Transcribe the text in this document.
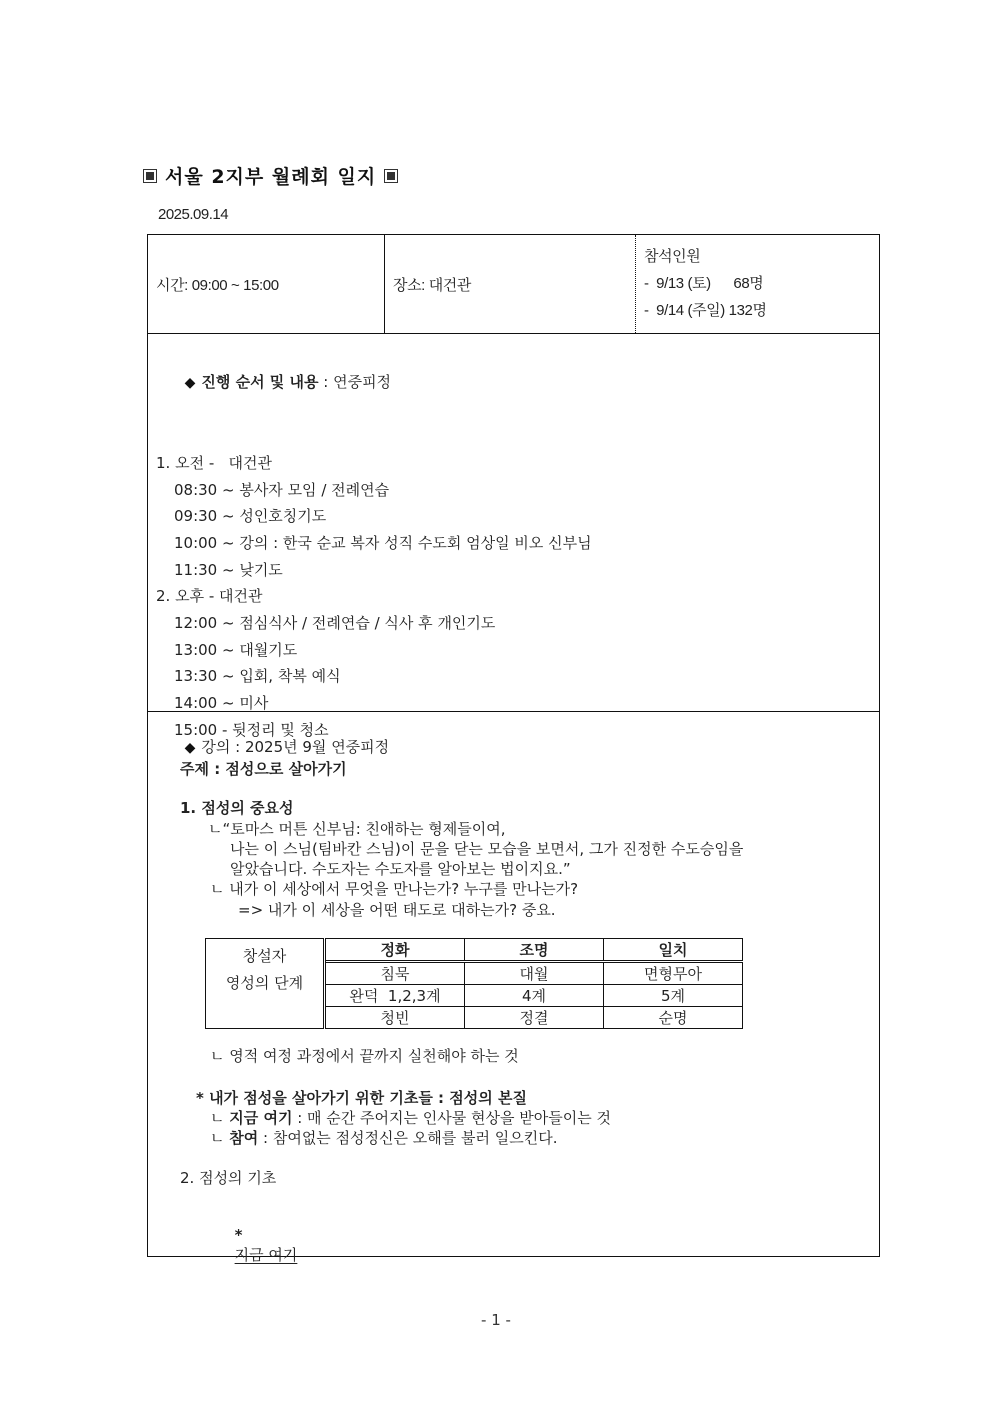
서울 2지부 월례회 일지
2025.09.14
시간: 09:00 ~ 15:00	장소: 대건관
참석인원
-  9/13 (토)      68명
-  9/14 (주일) 132명

◆ 진행 순서 및 내용 : 연중피정

1. 오전 -   대건관
08:30 ~ 봉사자 모임 / 전례연습
09:30 ~ 성인호칭기도
10:00 ~ 강의 : 한국 순교 복자 성직 수도회 엄상일 비오 신부님
11:30 ~ 낮기도
2. 오후 - 대건관
12:00 ~ 점심식사 / 전례연습 / 식사 후 개인기도
13:00 ~ 대월기도
13:30 ~ 입회, 착복 예식
14:00 ~ 미사
15:00 - 뒷정리 및 청소

◆ 강의 : 2025년 9월 연중피정

주제 : 점성으로 살아가기
1. 점성의 중요성
ㄴ“토마스 머튼 신부님: 친애하는 형제들이여,
나는 이 스님(팀바칸 스님)이 문을 닫는 모습을 보면서, 그가 진정한 수도승임을
알았습니다. 수도자는 수도자를 알아보는 법이지요.”
ㄴ 내가 이 세상에서 무엇을 만나는가? 누구를 만나는가?
=> 내가 이 세상을 어떤 태도로 대하는가? 중요.
창설자
영성의 단계	정화	조명	일치
	침묵	대월	면형무아
	완덕  1,2,3계	4계	5계
	청빈	정결	순명
ㄴ 영적 여정 과정에서 끝까지 실천해야 하는 것
* 내가 점성을 살아가기 위한 기초들 : 점성의 본질
ㄴ 지금 여기 : 매 순간 주어지는 인사물 현상을 받아들이는 것
ㄴ 참여 : 참여없는 점성정신은 오해를 불러 일으킨다.
2. 점성의 기초

*
지금 여기

- 1 -
